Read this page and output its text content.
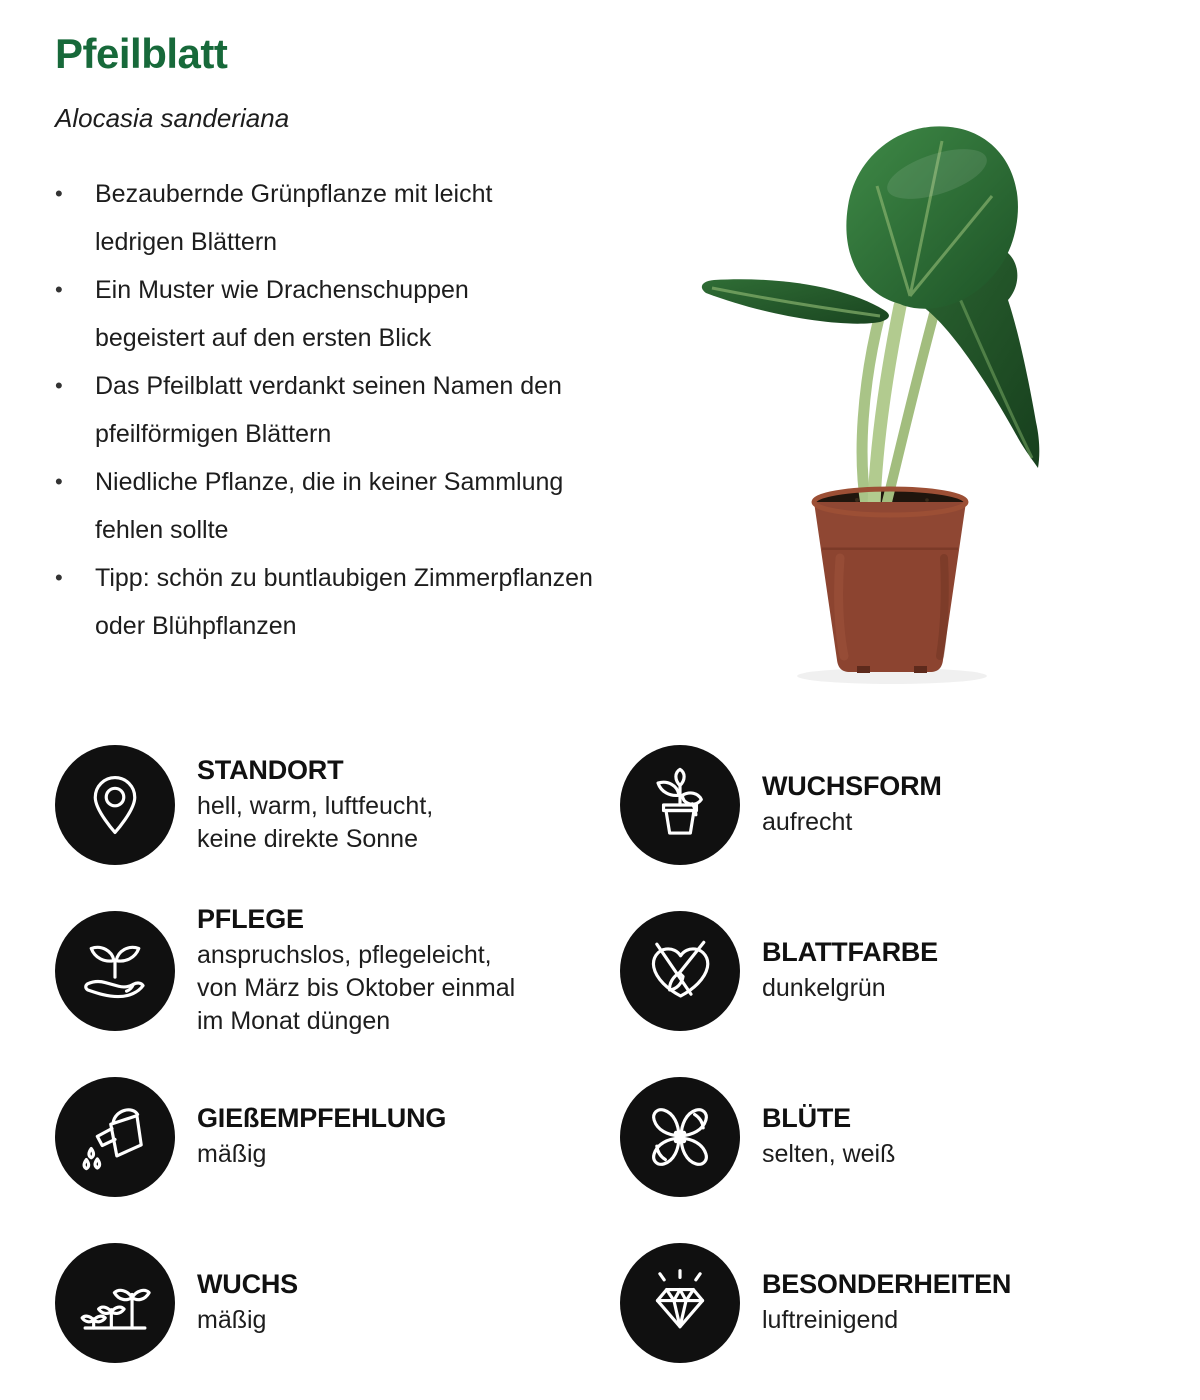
Pfeilblatt
Alocasia sanderiana
•	Bezaubernde Grünpflanze mit leicht
ledrigen Blättern
•	Ein Muster wie Drachenschuppen
begeistert auf den ersten Blick
•	Das Pfeilblatt verdankt seinen Namen den
pfeilförmigen Blättern
•	Niedliche Pflanze, die in keiner Sammlung
fehlen sollte
•	Tipp: schön zu buntlaubigen Zimmerpflanzen
oder Blühpflanzen
STANDORT
hell, warm, luftfeucht,
keine direkte Sonne
WUCHSFORM
aufrecht
PFLEGE
anspruchslos, pflegeleicht,
von März bis Oktober einmal
im Monat düngen
BLATTFARBE
dunkelgrün
GIEßEMPFEHLUNG
mäßig
BLÜTE
selten, weiß
WUCHS
mäßig
BESONDERHEITEN
luftreinigend
